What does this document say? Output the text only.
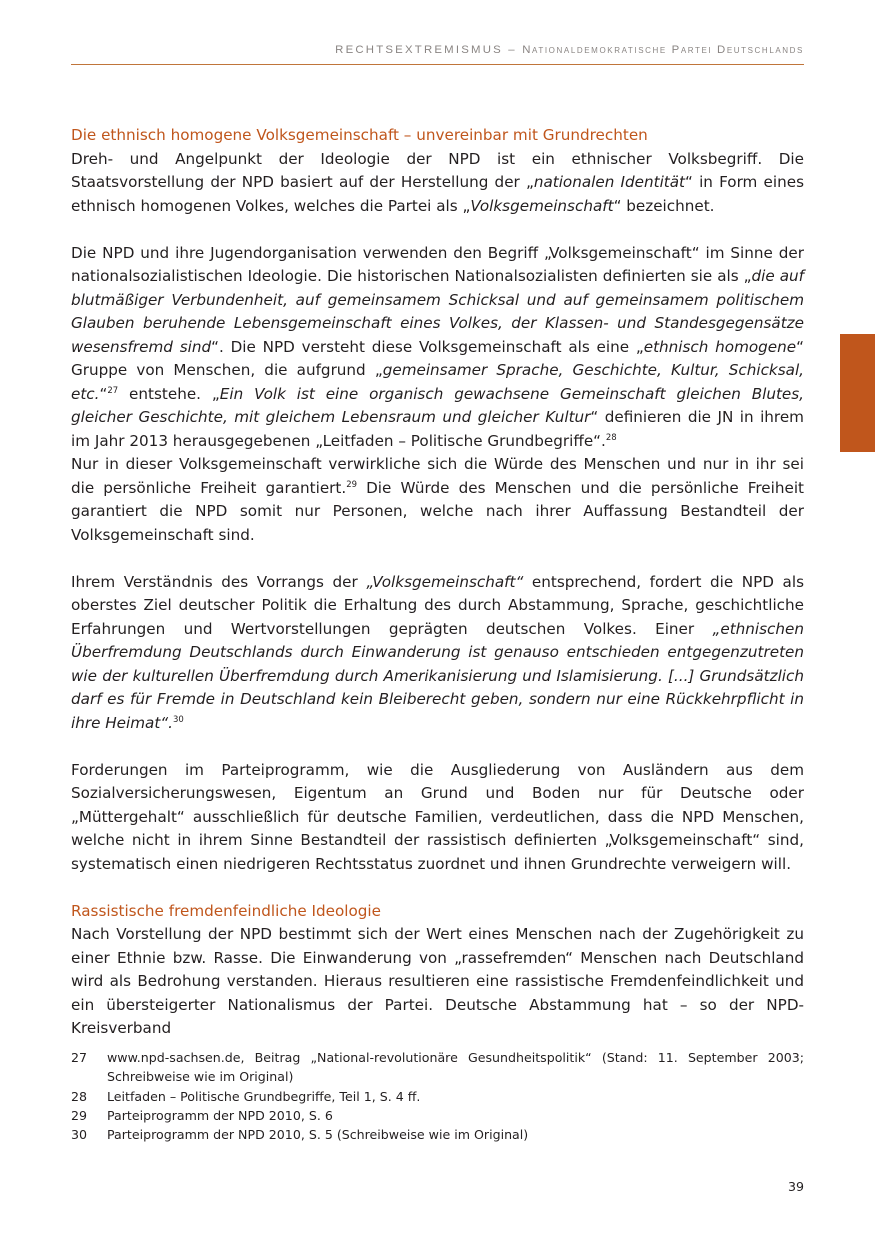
RECHTSEXTREMISMUS – Nationaldemokratische Partei Deutschlands
Die ethnisch homogene Volksgemeinschaft – unvereinbar mit Grundrechten

Dreh- und Angelpunkt der Ideologie der NPD ist ein ethnischer Volksbegriff. Die Staatsvorstellung der NPD basiert auf der Herstellung der „nationalen Identität“ in Form eines ethnisch homogenen Volkes, welches die Partei als „Volksgemeinschaft“ bezeichnet.

Die NPD und ihre Jugendorganisation verwenden den Begriff „Volksgemeinschaft“ im Sinne der nationalsozialistischen Ideologie. Die historischen Nationalsozialisten definierten sie als „die auf blutmäßiger Verbundenheit, auf gemeinsamem Schicksal und auf gemeinsamem politischem Glauben beruhende Lebensgemeinschaft eines Volkes, der Klassen- und Standesgegensätze wesensfremd sind“. Die NPD versteht diese Volksgemeinschaft als eine „ethnisch homogene“ Gruppe von Menschen, die aufgrund „gemeinsamer Sprache, Geschichte, Kultur, Schicksal, etc.“$^{27}$ entstehe. „Ein Volk ist eine organisch gewachsene Gemeinschaft gleichen Blutes, gleicher Geschichte, mit gleichem Lebensraum und gleicher Kultur“ definieren die JN in ihrem im Jahr 2013 herausgegebenen „Leitfaden – Politische Grundbegriffe“.$^{28}$

Nur in dieser Volksgemeinschaft verwirkliche sich die Würde des Menschen und nur in ihr sei die persönliche Freiheit garantiert.$^{29}$ Die Würde des Menschen und die persönliche Freiheit garantiert die NPD somit nur Personen, welche nach ihrer Auffassung Bestandteil der Volksgemeinschaft sind.

Ihrem Verständnis des Vorrangs der „Volksgemeinschaft“ entsprechend, fordert die NPD als oberstes Ziel deutscher Politik die Erhaltung des durch Abstammung, Sprache, geschichtliche Erfahrungen und Wertvorstellungen geprägten deutschen Volkes. Einer „ethnischen Überfremdung Deutschlands durch Einwanderung ist genauso entschieden entgegenzutreten wie der kulturellen Überfremdung durch Amerikanisierung und Islamisierung. [...] Grundsätzlich darf es für Fremde in Deutschland kein Bleiberecht geben, sondern nur eine Rückkehrpflicht in ihre Heimat“.$^{30}$

Forderungen im Parteiprogramm, wie die Ausgliederung von Ausländern aus dem Sozialversicherungswesen, Eigentum an Grund und Boden nur für Deutsche oder „Müttergehalt“ ausschließlich für deutsche Familien, verdeutlichen, dass die NPD Menschen, welche nicht in ihrem Sinne Bestandteil der rassistisch definierten „Volksgemeinschaft“ sind, systematisch einen niedrigeren Rechtsstatus zuordnet und ihnen Grundrechte verweigern will.

Rassistische fremdenfeindliche Ideologie

Nach Vorstellung der NPD bestimmt sich der Wert eines Menschen nach der Zugehörigkeit zu einer Ethnie bzw. Rasse. Die Einwanderung von „rassefremden“ Menschen nach Deutschland wird als Bedrohung verstanden. Hieraus resultieren eine rassistische Fremdenfeindlichkeit und ein übersteigerter Nationalismus der Partei. Deutsche Abstammung hat – so der NPD-Kreisverband

27	www.npd-sachsen.de, Beitrag „National-revolutionäre Gesundheitspolitik“ (Stand: 11. September 2003; Schreibweise wie im Original)
28	Leitfaden – Politische Grundbegriffe, Teil 1, S. 4 ff.
29	Parteiprogramm der NPD 2010, S. 6
30	Parteiprogramm der NPD 2010, S. 5 (Schreibweise wie im Original)
39
